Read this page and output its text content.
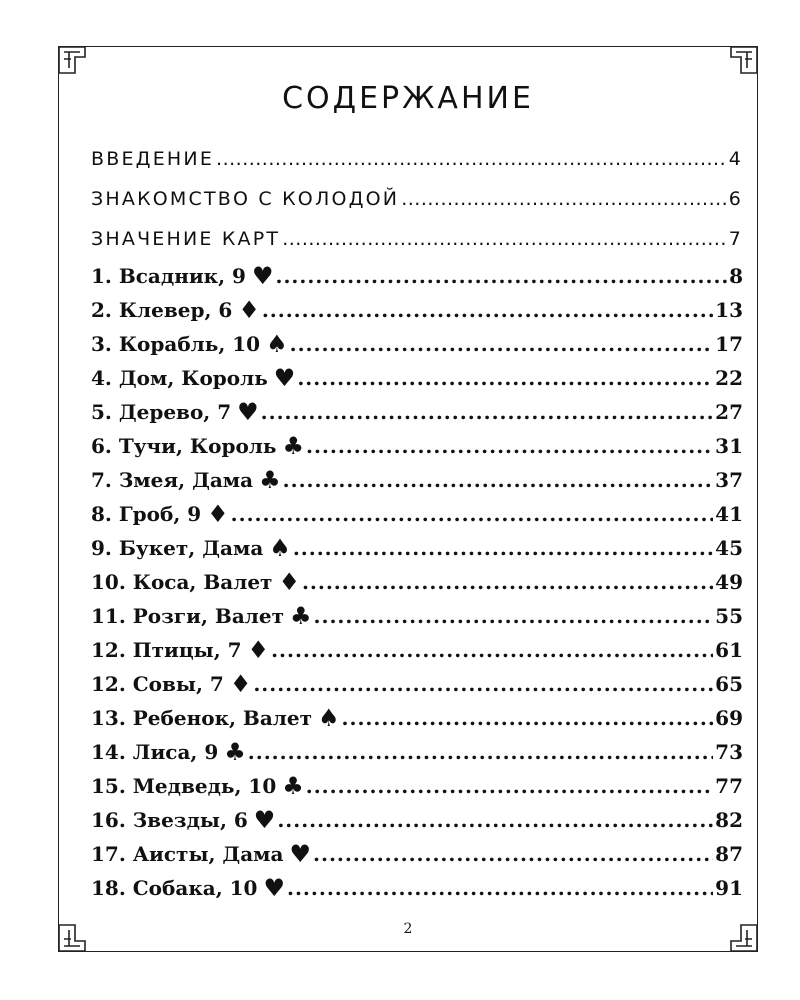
СОДЕРЖАНИЕ
ВВЕДЕНИЕ .....	4
ЗНАКОМСТВО С КОЛОДОЙ .....	6
ЗНАЧЕНИЕ КАРТ .....	7
1. Всадник, 9 ♥ .....	8
2. Клевер, 6 ♦ .....	13
3. Корабль, 10 ♠ .....	17
4. Дом, Король ♥ .....	22
5. Дерево, 7 ♥ .....	27
6. Тучи, Король ♣ .....	31
7. Змея, Дама ♣ .....	37
8. Гроб, 9 ♦ .....	41
9. Букет, Дама ♠ .....	45
10. Коса, Валет ♦ .....	49
11. Розги, Валет ♣ .....	55
12. Птицы, 7 ♦ .....	61
12. Совы, 7 ♦ .....	65
13. Ребенок, Валет ♠ .....	69
14. Лиса, 9 ♣ .....	73
15. Медведь, 10 ♣ .....	77
16. Звезды, 6 ♥ .....	82
17. Аисты, Дама ♥ .....	87
18. Собака, 10 ♥ .....	91
2
